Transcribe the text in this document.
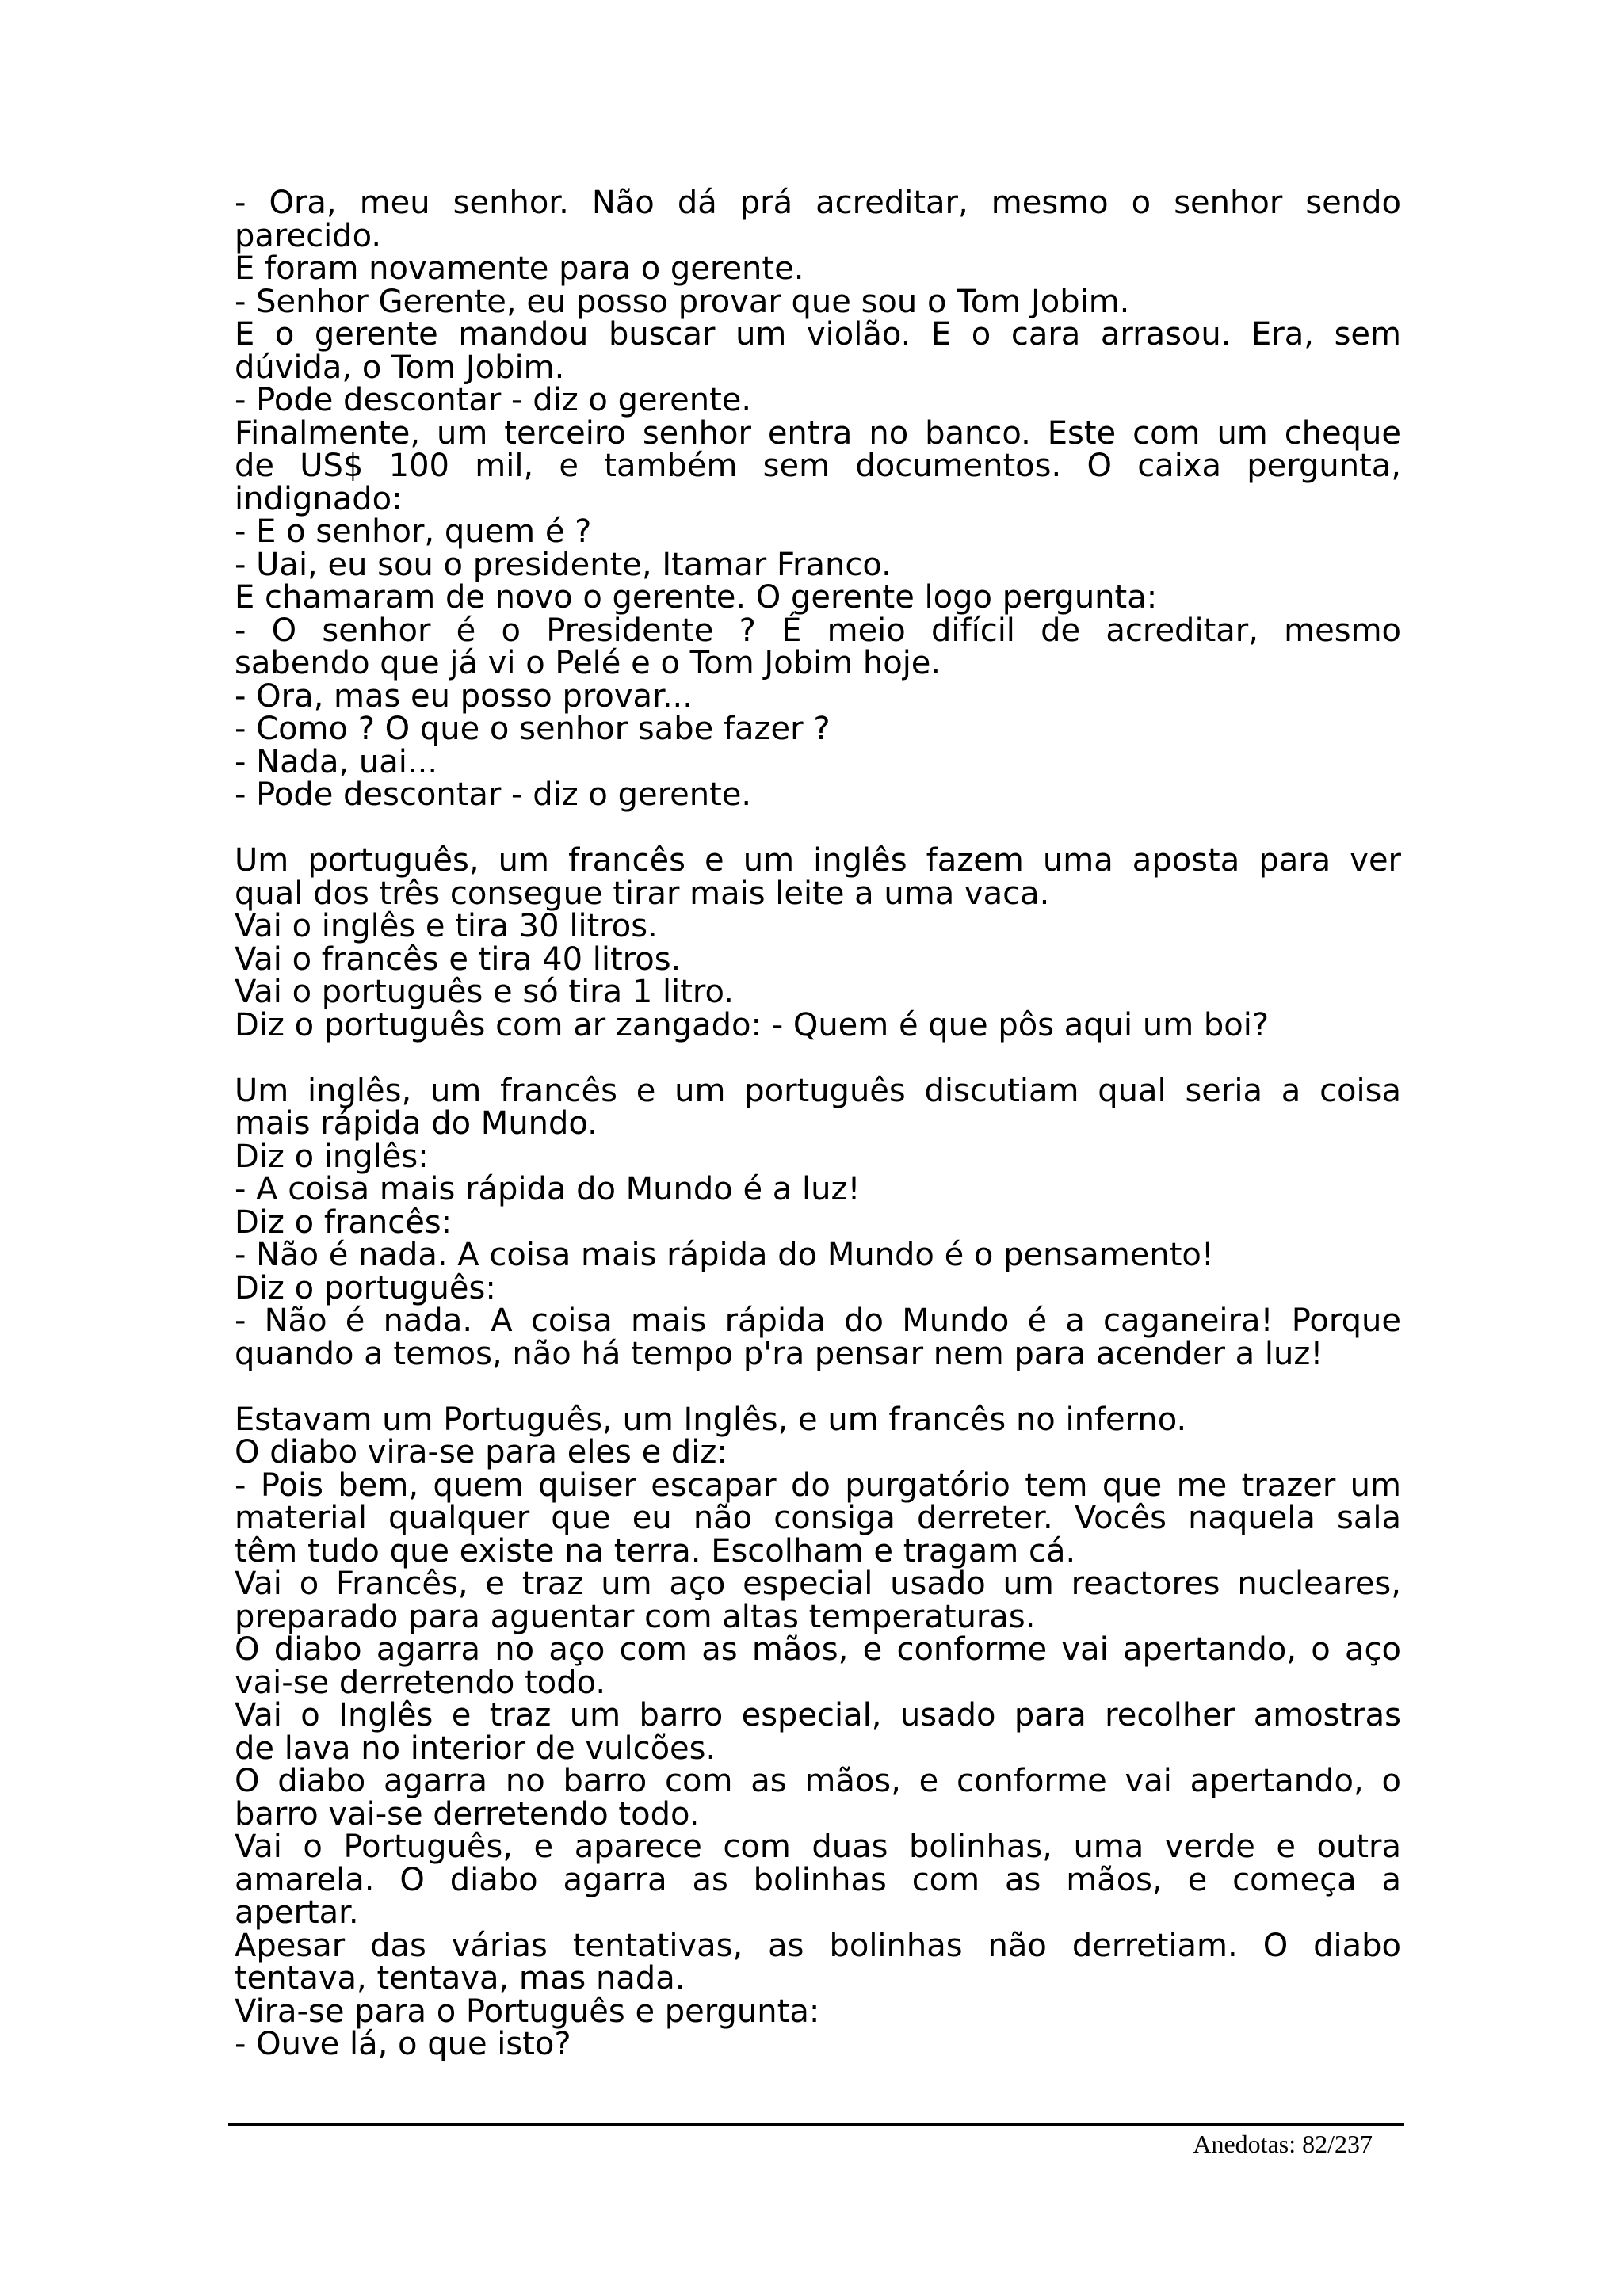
- Ora, meu senhor. Não dá prá acreditar, mesmo o senhor sendo
parecido.
E foram novamente para o gerente.
- Senhor Gerente, eu posso provar que sou o Tom Jobim.
E o gerente mandou buscar um violão. E o cara arrasou. Era, sem
dúvida, o Tom Jobim.
- Pode descontar - diz o gerente.
Finalmente, um terceiro senhor entra no banco. Este com um cheque
de US$ 100 mil, e também sem documentos. O caixa pergunta,
indignado:
- E o senhor, quem é ?
- Uai, eu sou o presidente, Itamar Franco.
E chamaram de novo o gerente. O gerente logo pergunta:
- O senhor é o Presidente ? É meio difícil de acreditar, mesmo
sabendo que já vi o Pelé e o Tom Jobim hoje.
- Ora, mas eu posso provar...
- Como ? O que o senhor sabe fazer ?
- Nada, uai...
- Pode descontar - diz o gerente.
Um português, um francês e um inglês fazem uma aposta para ver
qual dos três consegue tirar mais leite a uma vaca.
Vai o inglês e tira 30 litros.
Vai o francês e tira 40 litros.
Vai o português e só tira 1 litro.
Diz o português com ar zangado: - Quem é que pôs aqui um boi?
Um inglês, um francês e um português discutiam qual seria a coisa
mais rápida do Mundo.
Diz o inglês:
- A coisa mais rápida do Mundo é a luz!
Diz o francês:
- Não é nada. A coisa mais rápida do Mundo é o pensamento!
Diz o português:
- Não é nada. A coisa mais rápida do Mundo é a caganeira! Porque
quando a temos, não há tempo p'ra pensar nem para acender a luz!
Estavam um Português, um Inglês, e um francês no inferno.
O diabo vira-se para eles e diz:
- Pois bem, quem quiser escapar do purgatório tem que me trazer um
material qualquer que eu não consiga derreter. Vocês naquela sala
têm tudo que existe na terra. Escolham e tragam cá.
Vai o Francês, e traz um aço especial usado um reactores nucleares,
preparado para aguentar com altas temperaturas.
O diabo agarra no aço com as mãos, e conforme vai apertando, o aço
vai-se derretendo todo.
Vai o Inglês e traz um barro especial, usado para recolher amostras
de lava no interior de vulcões.
O diabo agarra no barro com as mãos, e conforme vai apertando, o
barro vai-se derretendo todo.
Vai o Português, e aparece com duas bolinhas, uma verde e outra
amarela. O diabo agarra as bolinhas com as mãos, e começa a
apertar.
Apesar das várias tentativas, as bolinhas não derretiam. O diabo
tentava, tentava, mas nada.
Vira-se para o Português e pergunta:
- Ouve lá, o que isto?
Anedotas: 82/237
